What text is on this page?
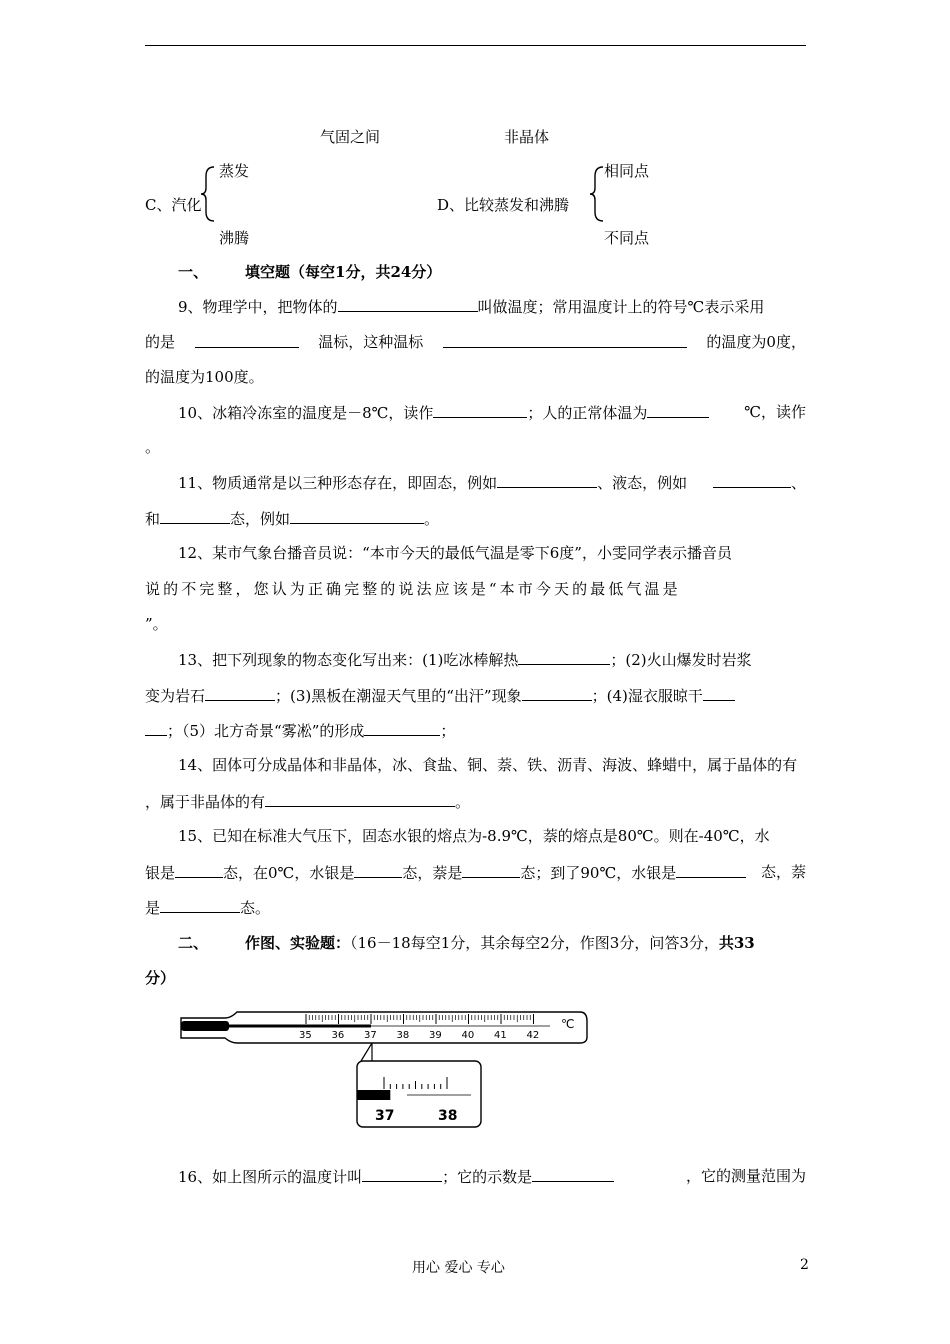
气固之间	非晶体
蒸发
C、汽化
沸腾
相同点
D、比较蒸发和沸腾
不同点
一、 填空题（每空1分，共24分）
9、物理学中，把物体的	叫做温度；常用温度计上的符号℃表示采用
的是	温标，这种温标	的温度为0度，
的温度为100度。
10、冰箱冷冻室的温度是－8℃，读作	；人的正常体温为	℃，读作
。
11、物质通常是以三种形态存在，即固态，例如	、液态，例如	、
和	态，例如	。
12、某市气象台播音员说：“本市今天的最低气温是零下6度”，小雯同学表示播音员
说的不完整，您认为正确完整的说法应该是“本市今天的最低气温是
”。
13、把下列现象的物态变化写出来：(1)吃冰棒解热	；(2)火山爆发时岩浆
变为岩石	；(3)黑板在潮湿天气里的“出汗”现象	；(4)湿衣服晾干
；（5）北方奇景“雾凇”的形成	；
14、固体可分成晶体和非晶体，冰、食盐、铜、萘、铁、沥青、海波、蜂蜡中，属于晶体的有
，属于非晶体的有	。
15、已知在标准大气压下，固态水银的熔点为-8.9℃，萘的熔点是80℃。则在-40℃，水
银是	态，在0℃，水银是	态，萘是	态；到了90℃，水银是	态，萘
是	态。
二、 作图、实验题：（16－18每空1分，其余每空2分，作图3分，问答3分，共33
分）
35 36 37 38 39 40 41 42
℃
37	38
16、如上图所示的温度计叫	；它的示数是	，它的测量范围为
用心 爱心 专心	2
